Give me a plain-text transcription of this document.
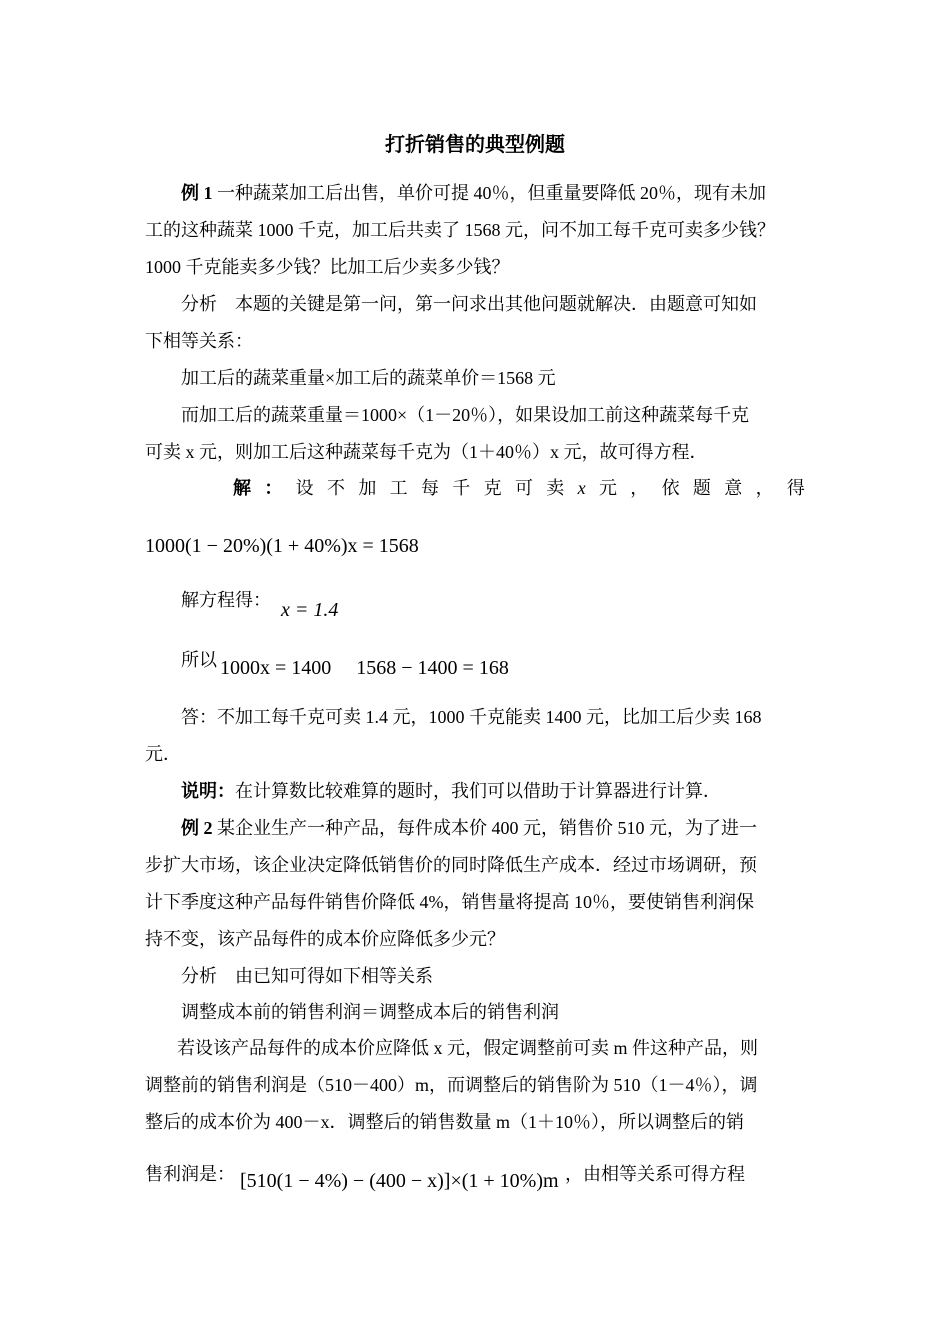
打折销售的典型例题
例 1 一种蔬菜加工后出售，单价可提 40％，但重量要降低 20％，现有未加
工的这种蔬菜 1000 千克，加工后共卖了 1568 元，问不加工每千克可卖多少钱？
1000 千克能卖多少钱？比加工后少卖多少钱？
分析　本题的关键是第一问，第一问求出其他问题就解决．由题意可知如
下相等关系：
加工后的蔬菜重量×加工后的蔬菜单价＝1568 元
而加工后的蔬菜重量＝1000×（1－20％），如果设加工前这种蔬菜每千克
可卖 x 元，则加工后这种蔬菜每千克为（1＋40％）x 元，故可得方程．
解 ： 设 不 加 工 每 千 克 可 卖 x 元 ， 依 题 意 ， 得
1000(1 − 20%)(1 + 40%)x = 1568
解方程得： x = 1.4
所以 1000x = 1400　 1568 − 1400 = 168
答：不加工每千克可卖 1.4 元，1000 千克能卖 1400 元，比加工后少卖 168
元．
说明：在计算数比较难算的题时，我们可以借助于计算器进行计算．
例 2 某企业生产一种产品，每件成本价 400 元，销售价 510 元，为了进一
步扩大市场，该企业决定降低销售价的同时降低生产成本．经过市场调研，预
计下季度这种产品每件销售价降低 4%，销售量将提高 10％，要使销售利润保
持不变，该产品每件的成本价应降低多少元？
分析　由已知可得如下相等关系
调整成本前的销售利润＝调整成本后的销售利润
若设该产品每件的成本价应降低 x 元，假定调整前可卖 m 件这种产品，则
调整前的销售利润是（510－400）m，而调整后的销售阶为 510（1－4％），调
整后的成本价为 400－x．调整后的销售数量 m（1＋10％），所以调整后的销
售利润是： [510(1 − 4%) − (400 − x)]×(1 + 10%)m ，由相等关系可得方程
